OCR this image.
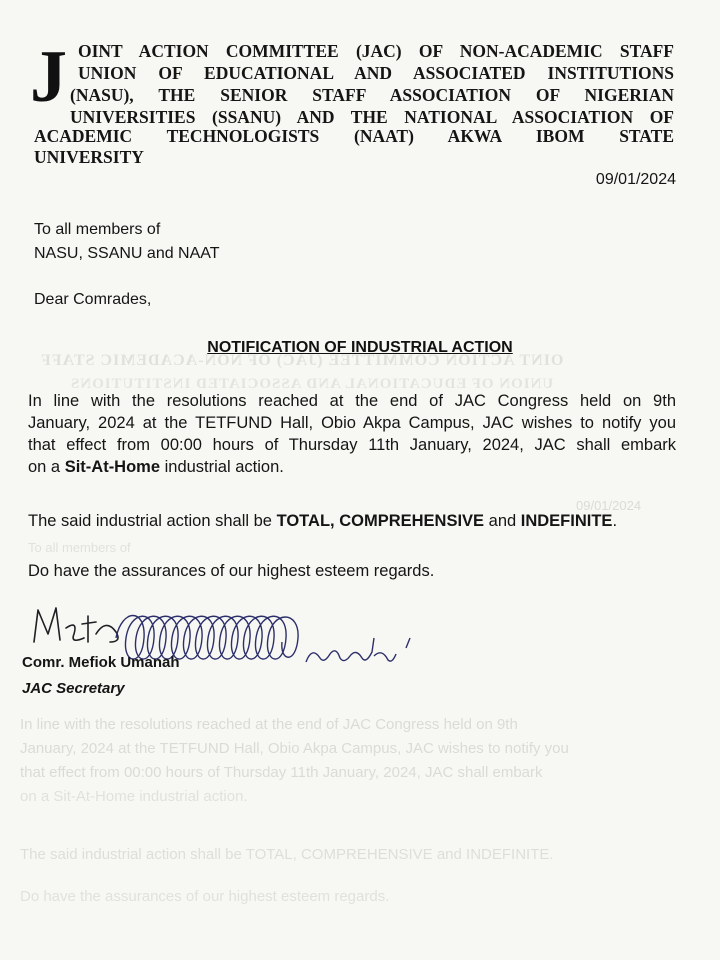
OINT ACTION COMMITTEE (JAC) OF NON-ACADEMIC STAFF
UNION OF EDUCATIONAL AND ASSOCIATED INSTITUTIONS
09/01/2024
To all members of
In line with the resolutions reached at the end of JAC Congress held on 9th
January, 2024 at the TETFUND Hall, Obio Akpa Campus, JAC wishes to notify you
that effect from 00:00 hours of Thursday 11th January, 2024, JAC shall embark
on a Sit-At-Home industrial action.
The said industrial action shall be TOTAL, COMPREHENSIVE and INDEFINITE.
Do have the assurances of our highest esteem regards.
J OINT ACTION COMMITTEE (JAC) OF NON-ACADEMIC STAFF
UNION OF EDUCATIONAL AND ASSOCIATED INSTITUTIONS
(NASU), THE SENIOR STAFF ASSOCIATION OF NIGERIAN
UNIVERSITIES (SSANU) AND THE NATIONAL ASSOCIATION OF
ACADEMIC TECHNOLOGISTS (NAAT) AKWA IBOM STATE
UNIVERSITY
09/01/2024
To all members of
NASU, SSANU and NAAT
Dear Comrades,
NOTIFICATION OF INDUSTRIAL ACTION
In line with the resolutions reached at the end of JAC Congress held on 9th
January, 2024 at the TETFUND Hall, Obio Akpa Campus, JAC wishes to notify you
that effect from 00:00 hours of Thursday 11th January, 2024, JAC shall embark
on a Sit-At-Home industrial action.
The said industrial action shall be TOTAL, COMPREHENSIVE and INDEFINITE.
Do have the assurances of our highest esteem regards.
Comr. Mefiok Umanah
JAC Secretary
